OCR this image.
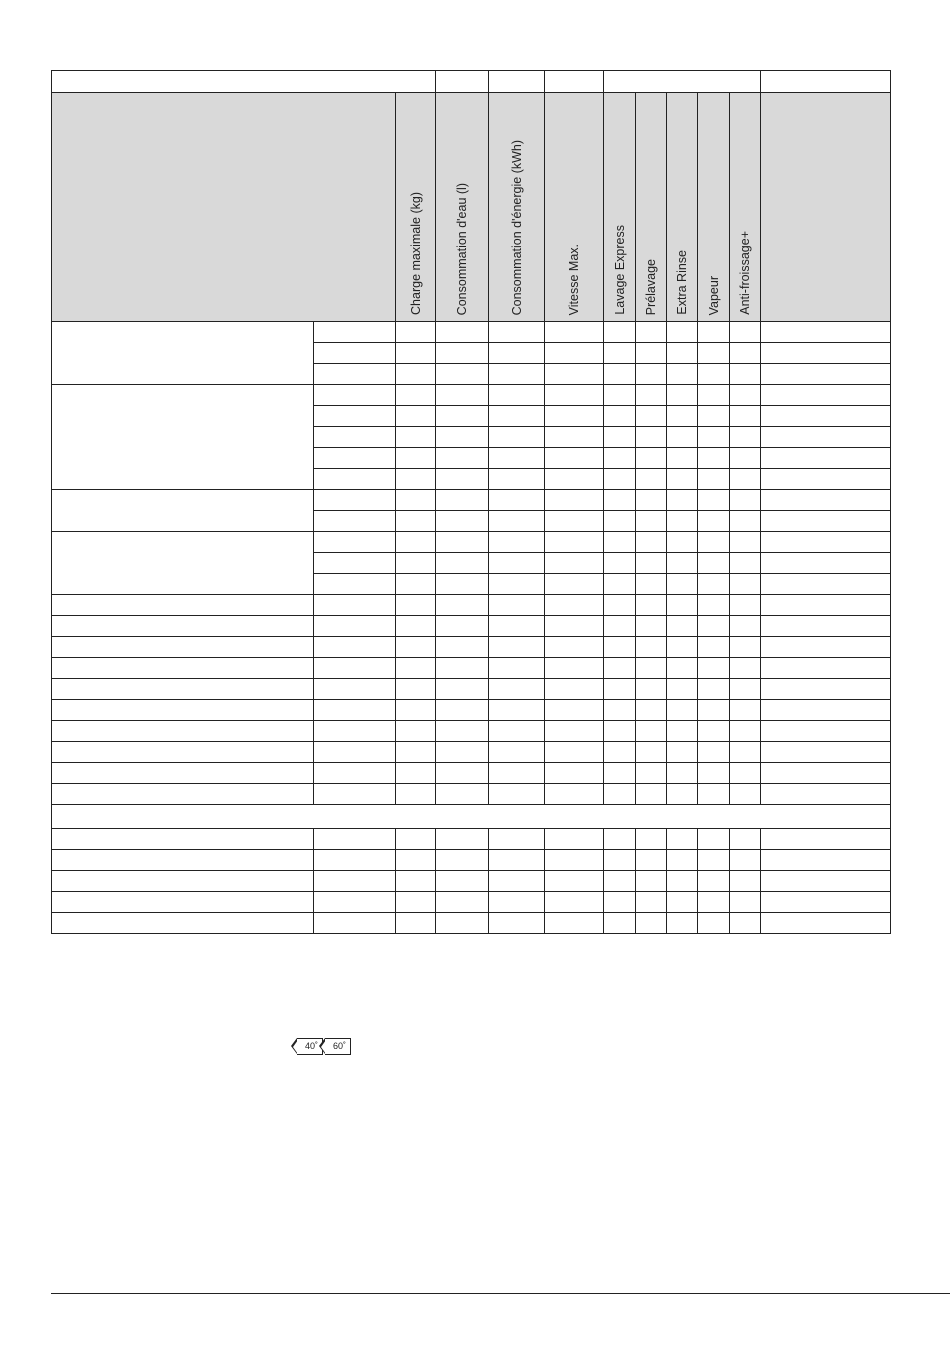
		Charge maximale (kg)	Consommation d'eau (l)	Consommation d'énergie (kWh)	Vitesse Max.	Lavage Express	Prélavage	Extra Rinse	Vapeur	Anti-froissage+	

40˚	60˚
